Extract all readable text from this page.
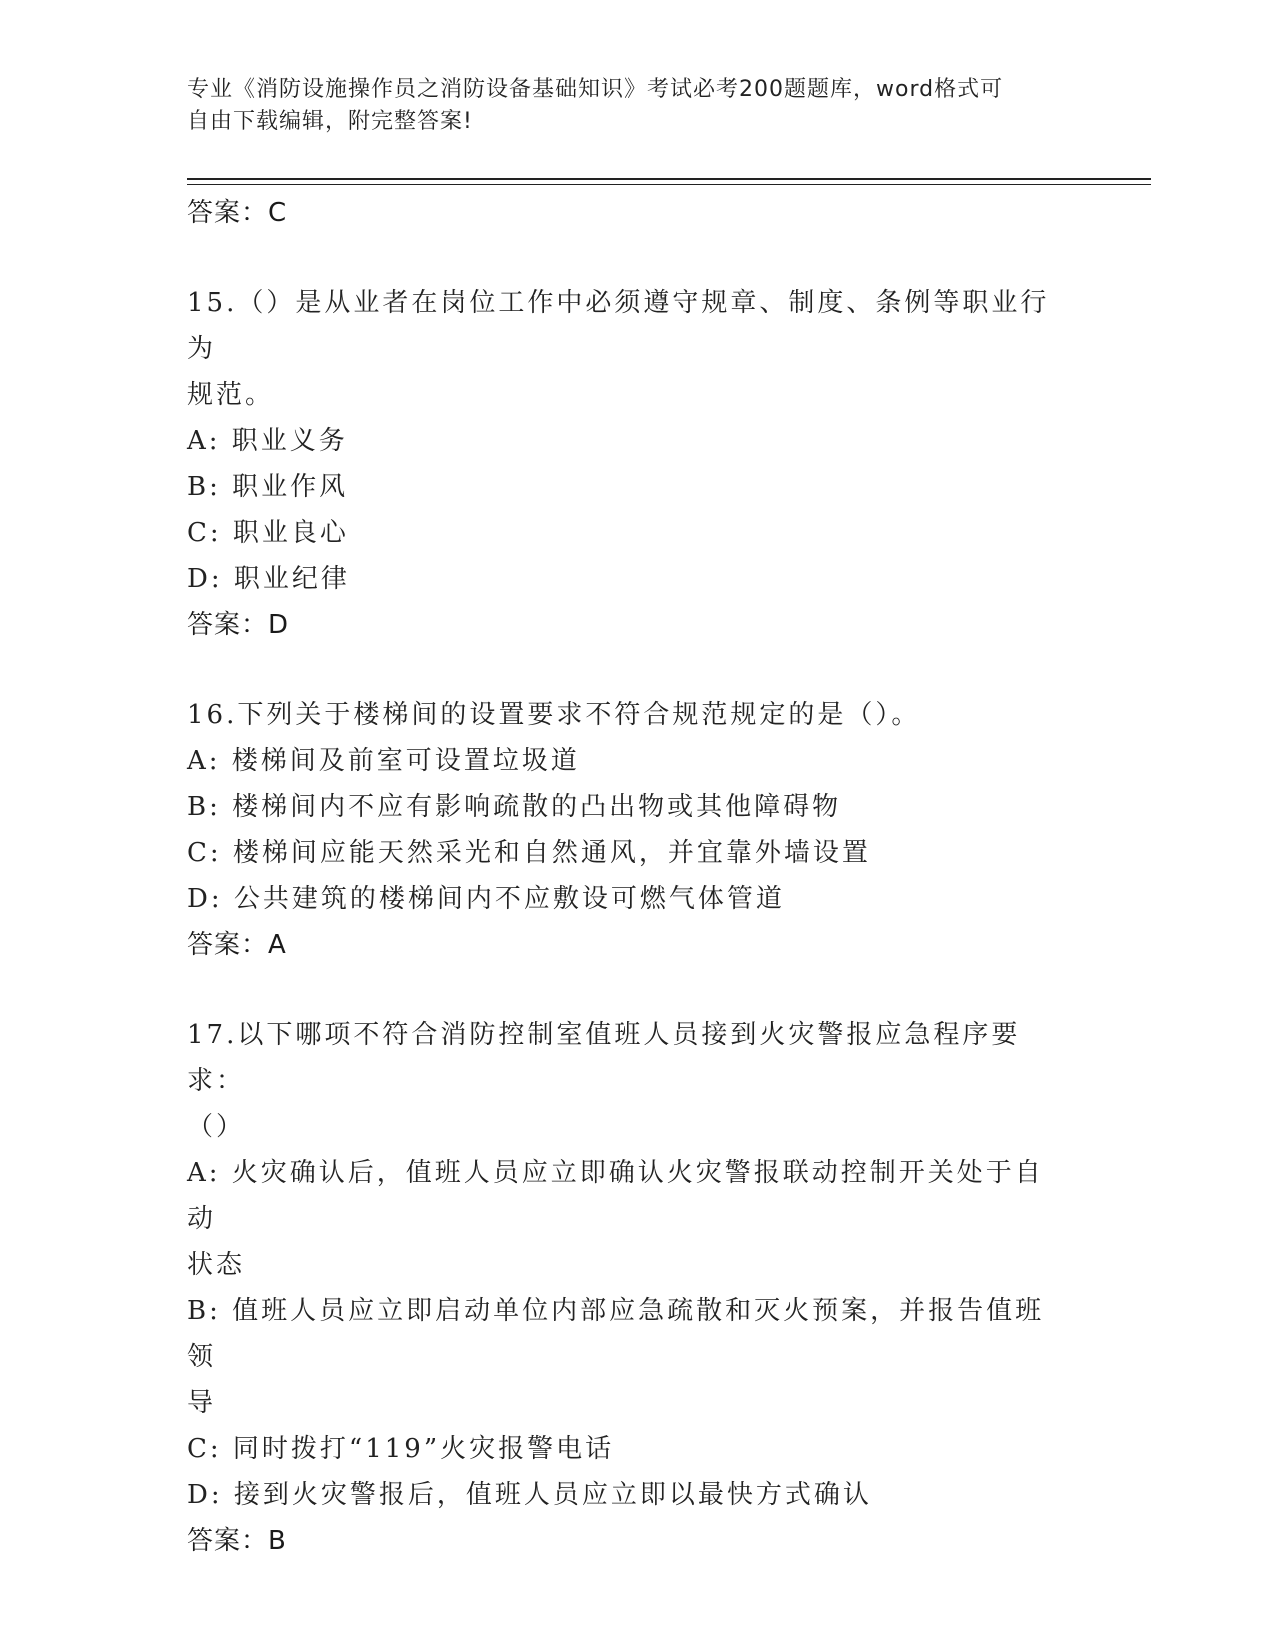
专业《消防设施操作员之消防设备基础知识》考试必考200题题库，word格式可
自由下载编辑，附完整答案!
答案：C
15.（）是从业者在岗位工作中必须遵守规章、制度、条例等职业行为
规范。
A: 职业义务
B: 职业作风
C: 职业良心
D: 职业纪律
答案：D
16.下列关于楼梯间的设置要求不符合规范规定的是（）。
A: 楼梯间及前室可设置垃圾道
B: 楼梯间内不应有影响疏散的凸出物或其他障碍物
C: 楼梯间应能天然采光和自然通风，并宜靠外墙设置
D: 公共建筑的楼梯间内不应敷设可燃气体管道
答案：A
17.以下哪项不符合消防控制室值班人员接到火灾警报应急程序要求：
（）
A: 火灾确认后，值班人员应立即确认火灾警报联动控制开关处于自动
状态
B: 值班人员应立即启动单位内部应急疏散和灭火预案，并报告值班领
导
C: 同时拨打“119”火灾报警电话
D: 接到火灾警报后，值班人员应立即以最快方式确认
答案：B
